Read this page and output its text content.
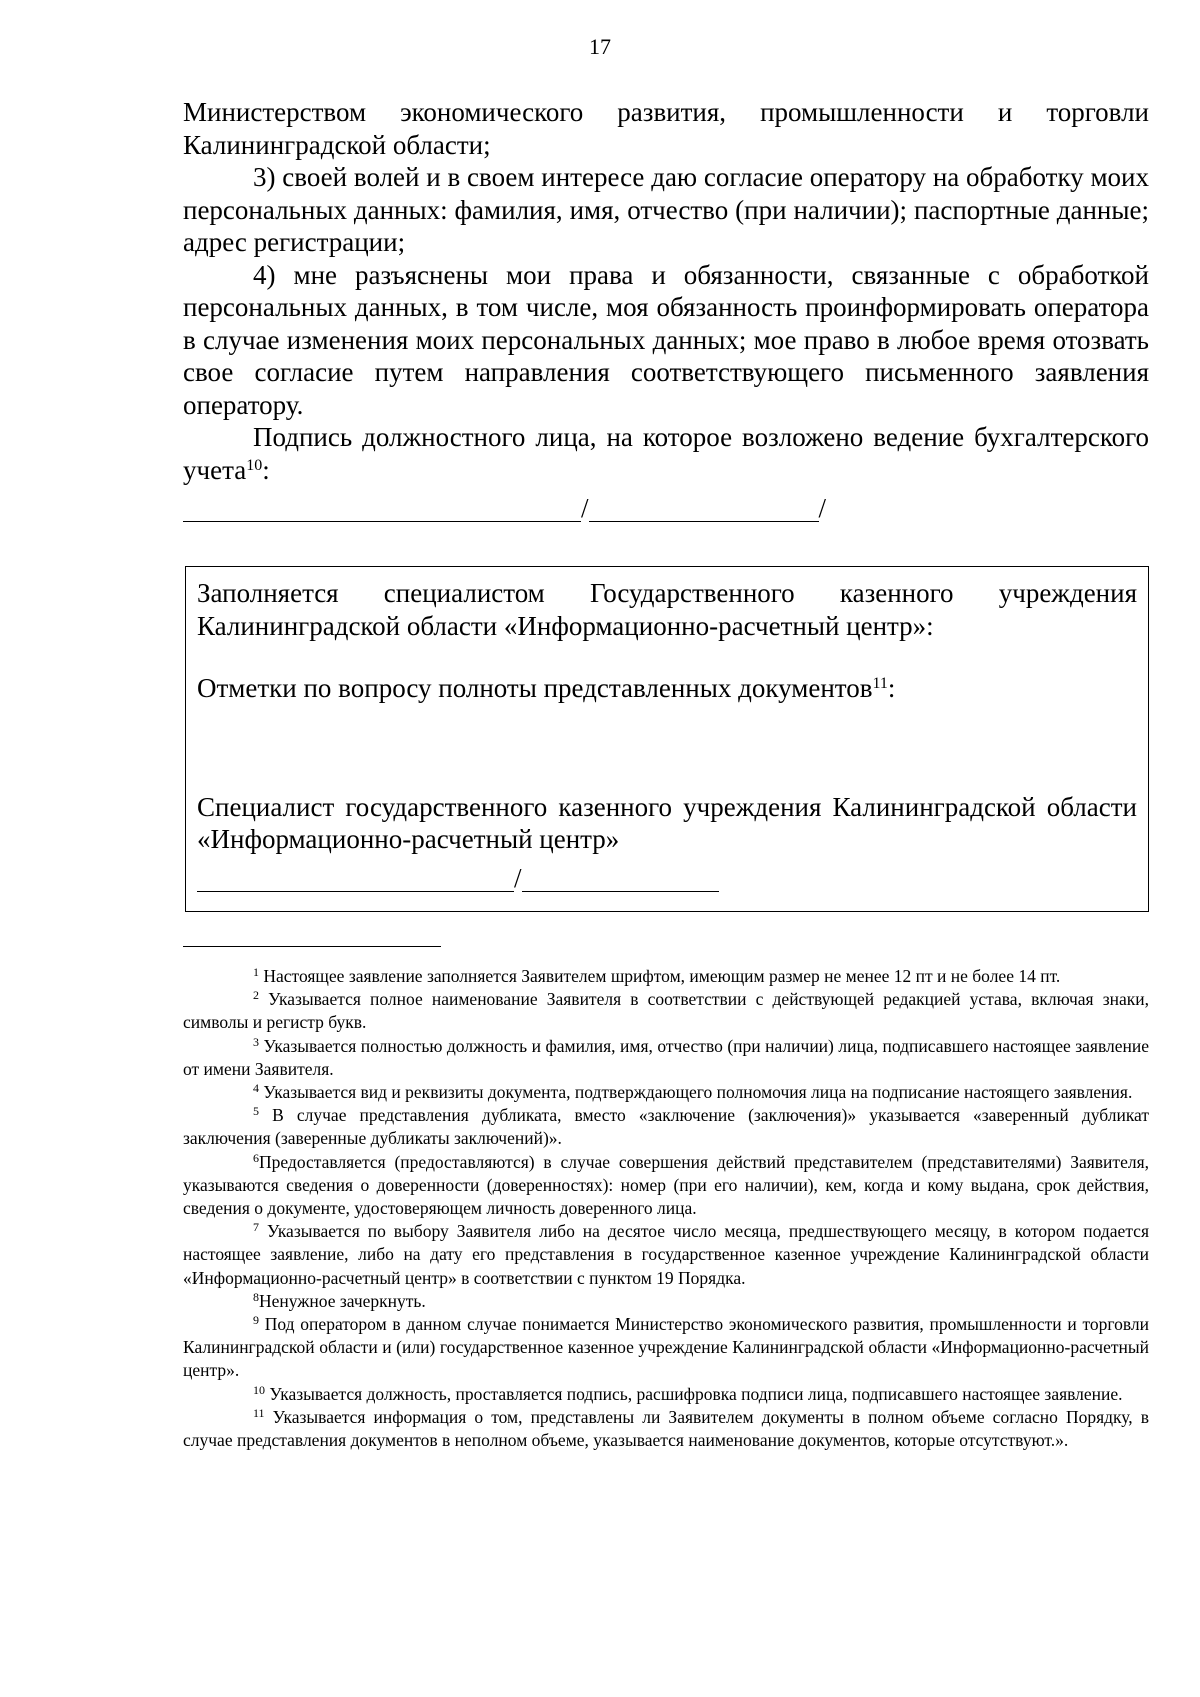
17

Министерством экономического развития, промышленности и торговли Калининградской области;

3) своей волей и в своем интересе даю согласие оператору на обработку моих персональных данных: фамилия, имя, отчество (при наличии); паспортные данные; адрес регистрации;

4) мне разъяснены мои права и обязанности, связанные с обработкой персональных данных, в том числе, моя обязанность проинформировать оператора в случае изменения моих персональных данных; мое право в любое время отозвать свое согласие путем направления соответствующего письменного заявления оператору.

Подпись должностного лица, на которое возложено ведение бухгалтерского учета$^{10}$:

/	/

Заполняется специалистом Государственного казенного учреждения Калининградской области «Информационно-расчетный центр»:

Отметки по вопросу полноты представленных документов$^{11}$:

Специалист государственного казенного учреждения Калининградской области «Информационно-расчетный центр»

/

$^1$ Настоящее заявление заполняется Заявителем шрифтом, имеющим размер не менее 12 пт и не более 14 пт.

$^2$ Указывается полное наименование Заявителя в соответствии с действующей редакцией устава, включая знаки, символы и регистр букв.

$^3$ Указывается полностью должность и фамилия, имя, отчество (при наличии) лица, подписавшего настоящее заявление от имени Заявителя.

$^4$ Указывается вид и реквизиты документа, подтверждающего полномочия лица на подписание настоящего заявления.

$^5$ В случае представления дубликата, вместо «заключение (заключения)» указывается «заверенный дубликат заключения (заверенные дубликаты заключений)».

$^6$Предоставляется (предоставляются) в случае совершения действий представителем (представителями) Заявителя, указываются сведения о доверенности (доверенностях): номер (при его наличии), кем, когда и кому выдана, срок действия, сведения о документе, удостоверяющем личность доверенного лица.

$^7$ Указывается по выбору Заявителя либо на десятое число месяца, предшествующего месяцу, в котором подается настоящее заявление, либо на дату его представления в государственное казенное учреждение Калининградской области «Информационно-расчетный центр» в соответствии с пунктом 19 Порядка.

$^8$Ненужное зачеркнуть.

$^9$ Под оператором в данном случае понимается Министерство экономического развития, промышленности и торговли Калининградской области и (или) государственное казенное учреждение Калининградской области «Информационно-расчетный центр».

$^{10}$ Указывается должность, проставляется подпись, расшифровка подписи лица, подписавшего настоящее заявление.

$^{11}$ Указывается информация о том, представлены ли Заявителем документы в полном объеме согласно Порядку, в случае представления документов в неполном объеме, указывается наименование документов, которые отсутствуют.».
